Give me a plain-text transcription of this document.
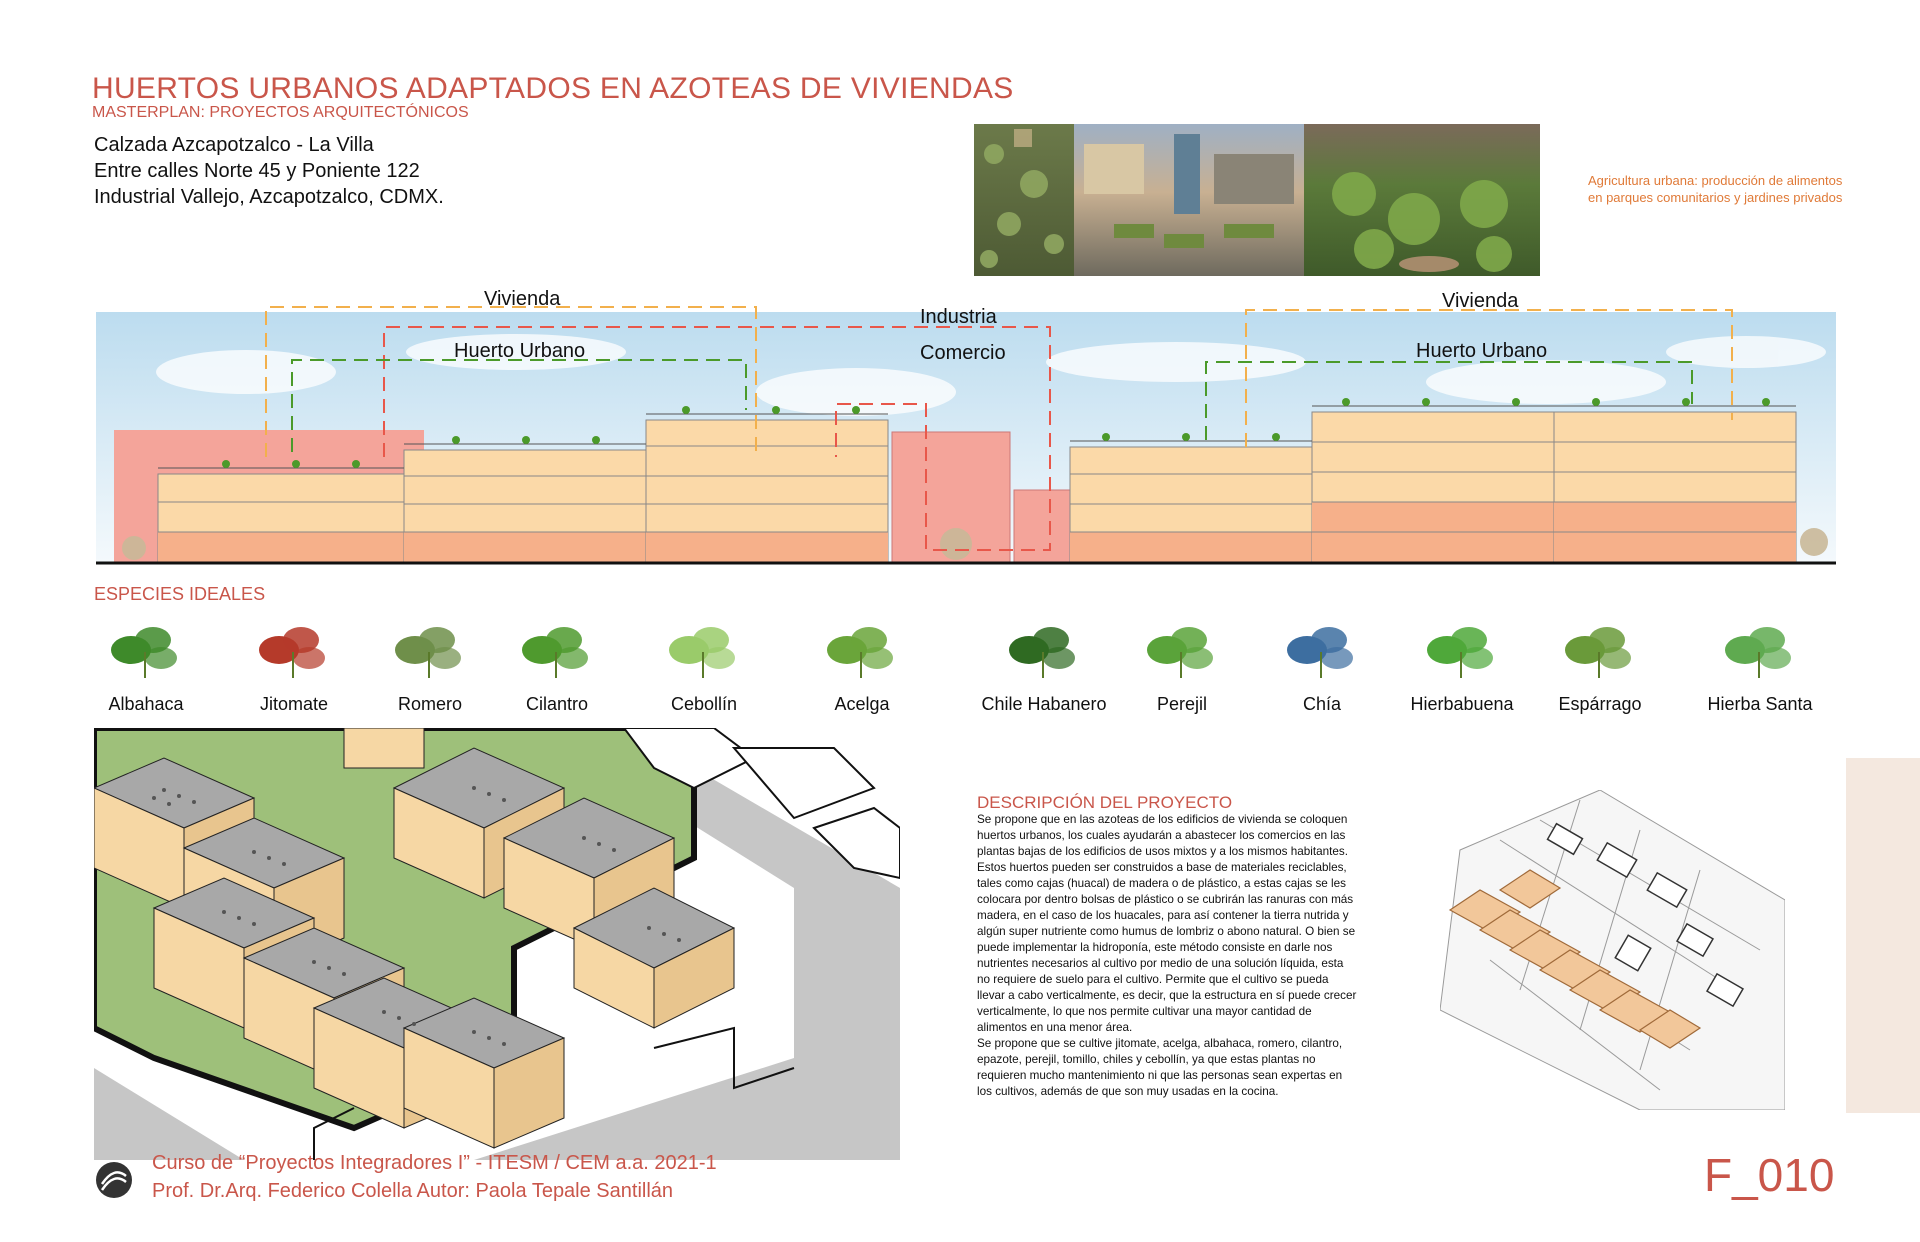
HUERTOS URBANOS ADAPTADOS EN AZOTEAS DE VIVIENDAS
MASTERPLAN: PROYECTOS ARQUITECTÓNICOS
Calzada Azcapotzalco - La Villa
Entre calles Norte 45 y Poniente 122
Industrial Vallejo, Azcapotzalco, CDMX.
Agricultura urbana: producción de alimentos
en parques comunitarios y jardines privados
Vivienda
Industria
Huerto Urbano	Comercio
Vivienda
Huerto Urbano
ESPECIES IDEALES
Albahaca	Jitomate	Romero	Cilantro	Cebollín	Acelga	Chile Habanero	Perejil	Chía	Hierbabuena	Espárrago	Hierba Santa
DESCRIPCIÓN DEL PROYECTO

Se propone que en las azoteas de los edificios de vivienda se coloquen

huertos urbanos, los cuales ayudarán a abastecer los comercios en las

plantas bajas de los edificios de usos mixtos y a los mismos habitantes.

Estos huertos pueden ser construidos a base de materiales reciclables,

tales como cajas (huacal) de madera o de plástico, a estas cajas se les

colocara por dentro bolsas de plástico o se cubrirán las ranuras con más

madera, en el caso de los huacales, para así contener la tierra nutrida y

algún super nutriente como humus de lombriz o abono natural. O bien se

puede implementar la hidroponía, este método consiste en darle nos

nutrientes necesarios al cultivo por medio de una solución líquida, esta

no requiere de suelo para el cultivo. Permite que el cultivo se pueda

llevar a cabo verticalmente, es decir, que la estructura en sí puede crecer

verticalmente, lo que nos permite cultivar una mayor cantidad de

alimentos en una menor área.

Se propone que se cultive jitomate, acelga, albahaca, romero, cilantro,

epazote, perejil, tomillo, chiles y cebollín, ya que estas plantas no

requieren mucho mantenimiento ni que las personas sean expertas en

los cultivos, además de que son muy usadas en la cocina.

Curso de “Proyectos Integradores I” - ITESM / CEM a.a. 2021-1
Prof. Dr.Arq. Federico Colella Autor: Paola Tepale Santillán	F_010
